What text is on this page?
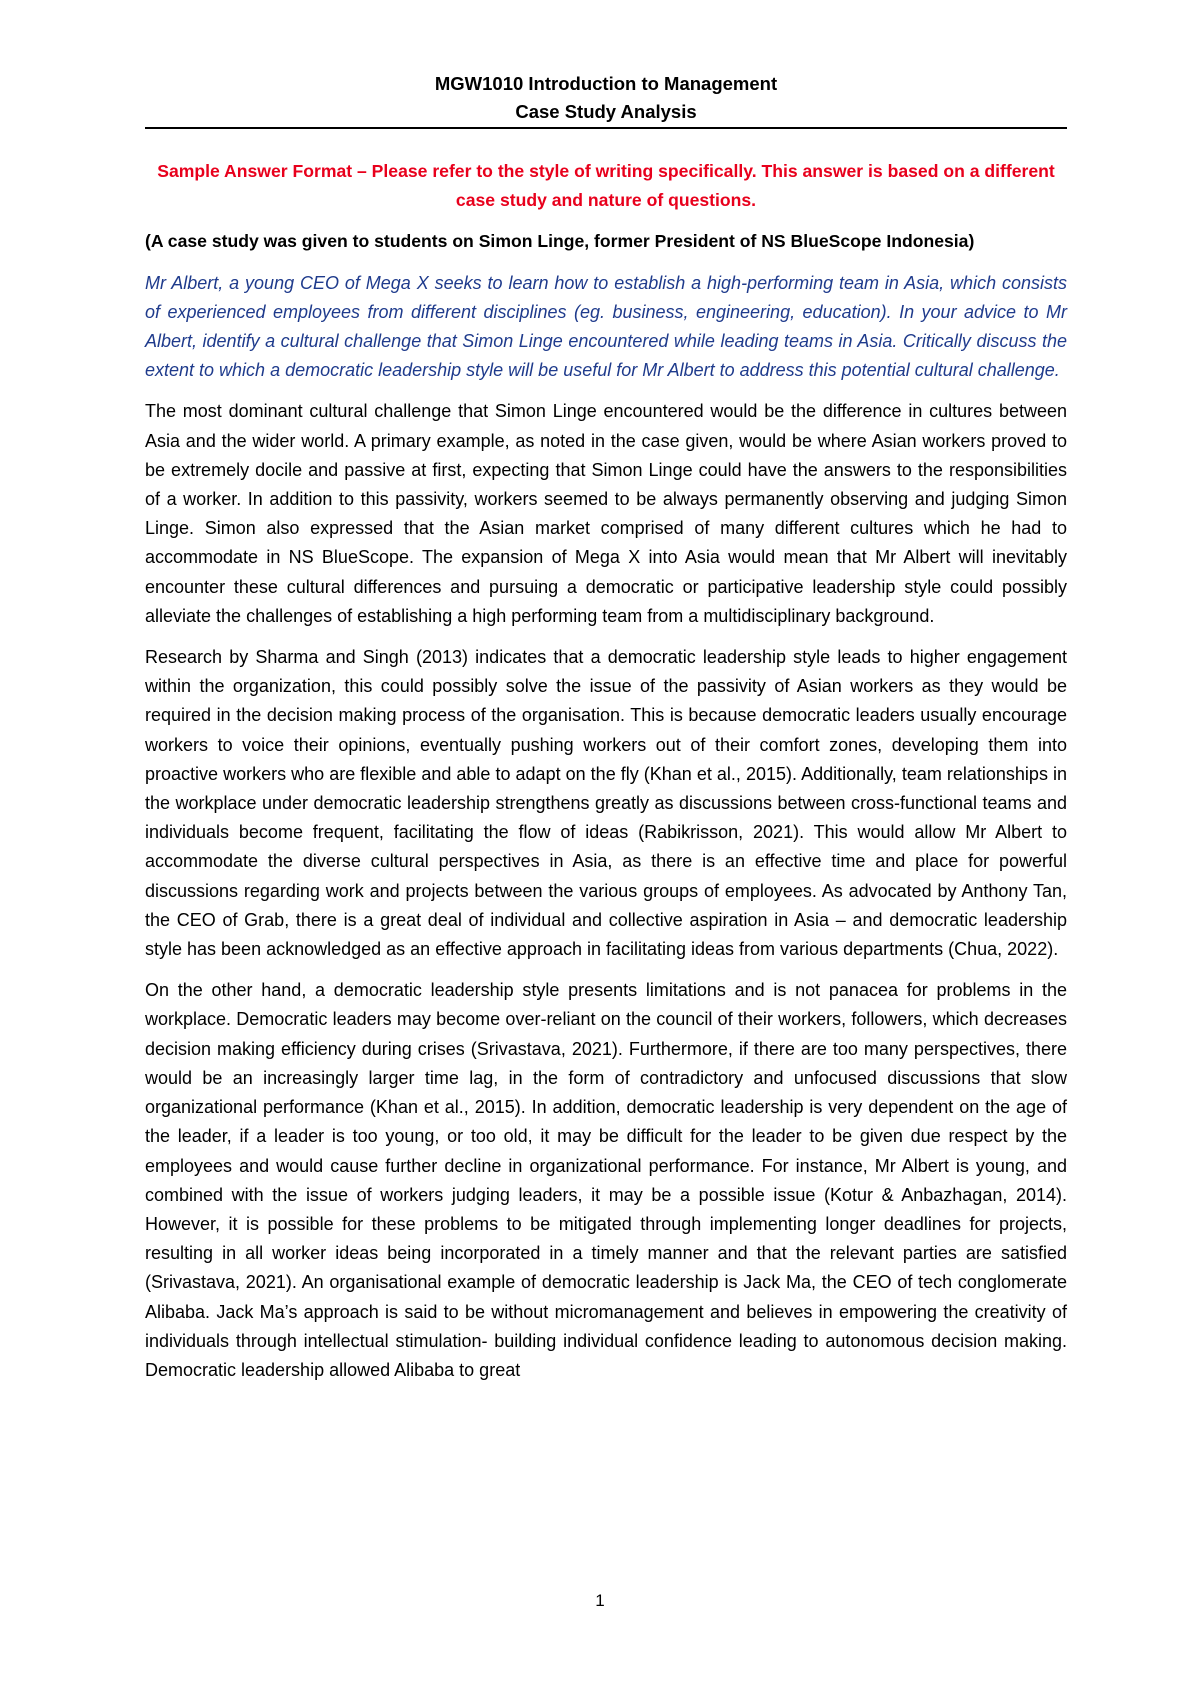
MGW1010 Introduction to Management
Case Study Analysis

Sample Answer Format – Please refer to the style of writing specifically. This answer is based on a different case study and nature of questions.

(A case study was given to students on Simon Linge, former President of NS BlueScope Indonesia)

Mr Albert, a young CEO of Mega X seeks to learn how to establish a high-performing team in Asia, which consists of experienced employees from different disciplines (eg. business, engineering, education). In your advice to Mr Albert, identify a cultural challenge that Simon Linge encountered while leading teams in Asia. Critically discuss the extent to which a democratic leadership style will be useful for Mr Albert to address this potential cultural challenge.

The most dominant cultural challenge that Simon Linge encountered would be the difference in cultures between Asia and the wider world. A primary example, as noted in the case given, would be where Asian workers proved to be extremely docile and passive at first, expecting that Simon Linge could have the answers to the responsibilities of a worker. In addition to this passivity, workers seemed to be always permanently observing and judging Simon Linge. Simon also expressed that the Asian market comprised of many different cultures which he had to accommodate in NS BlueScope. The expansion of Mega X into Asia would mean that Mr Albert will inevitably encounter these cultural differences and pursuing a democratic or participative leadership style could possibly alleviate the challenges of establishing a high performing team from a multidisciplinary background.

Research by Sharma and Singh (2013) indicates that a democratic leadership style leads to higher engagement within the organization, this could possibly solve the issue of the passivity of Asian workers as they would be required in the decision making process of the organisation. This is because democratic leaders usually encourage workers to voice their opinions, eventually pushing workers out of their comfort zones, developing them into proactive workers who are flexible and able to adapt on the fly (Khan et al., 2015). Additionally, team relationships in the workplace under democratic leadership strengthens greatly as discussions between cross-functional teams and individuals become frequent, facilitating the flow of ideas (Rabikrisson, 2021). This would allow Mr Albert to accommodate the diverse cultural perspectives in Asia, as there is an effective time and place for powerful discussions regarding work and projects between the various groups of employees. As advocated by Anthony Tan, the CEO of Grab, there is a great deal of individual and collective aspiration in Asia – and democratic leadership style has been acknowledged as an effective approach in facilitating ideas from various departments (Chua, 2022).

On the other hand, a democratic leadership style presents limitations and is not panacea for problems in the workplace. Democratic leaders may become over-reliant on the council of their workers, followers, which decreases decision making efficiency during crises (Srivastava, 2021). Furthermore, if there are too many perspectives, there would be an increasingly larger time lag, in the form of contradictory and unfocused discussions that slow organizational performance (Khan et al., 2015). In addition, democratic leadership is very dependent on the age of the leader, if a leader is too young, or too old, it may be difficult for the leader to be given due respect by the employees and would cause further decline in organizational performance. For instance, Mr Albert is young, and combined with the issue of workers judging leaders, it may be a possible issue (Kotur & Anbazhagan, 2014). However, it is possible for these problems to be mitigated through implementing longer deadlines for projects, resulting in all worker ideas being incorporated in a timely manner and that the relevant parties are satisfied (Srivastava, 2021). An organisational example of democratic leadership is Jack Ma, the CEO of tech conglomerate Alibaba. Jack Ma’s approach is said to be without micromanagement and believes in empowering the creativity of individuals through intellectual stimulation- building individual confidence leading to autonomous decision making. Democratic leadership allowed Alibaba to great

1
